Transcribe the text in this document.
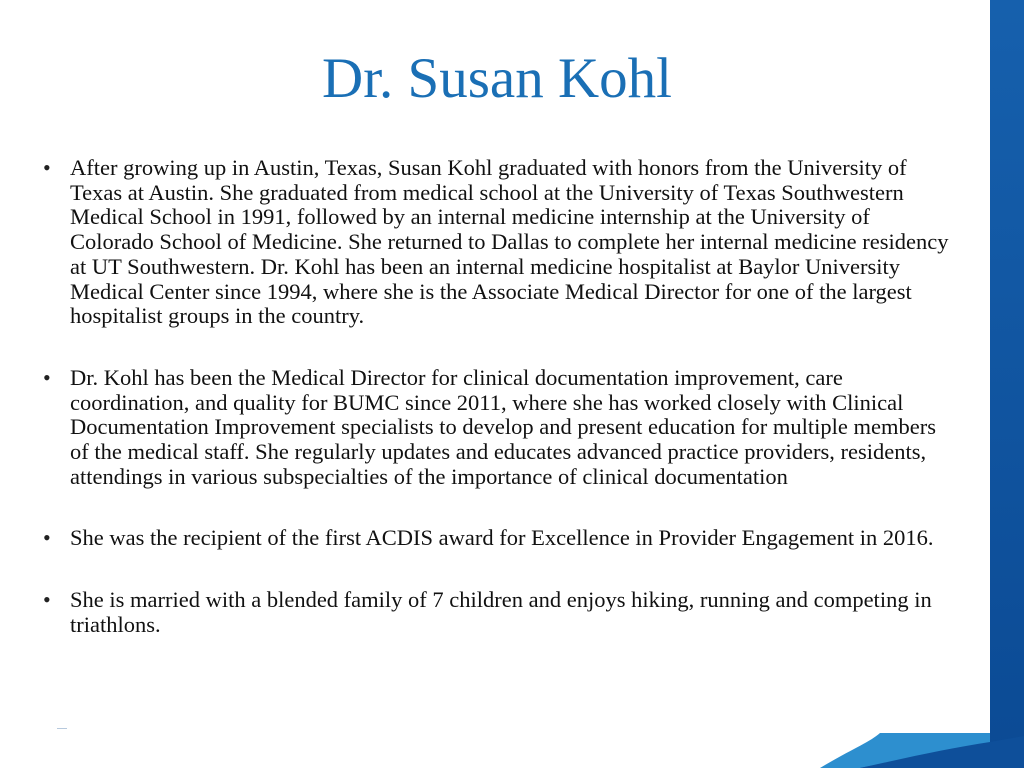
Dr. Susan Kohl
• After growing up in Austin, Texas, Susan Kohl graduated with honors from the University of Texas at Austin. She graduated from medical school at the University of Texas Southwestern Medical School in 1991, followed by an internal medicine internship at the University of Colorado School of Medicine. She returned to Dallas to complete her internal medicine residency at UT Southwestern. Dr. Kohl has been an internal medicine hospitalist at Baylor University Medical Center since 1994, where she is the Associate Medical Director for one of the largest hospitalist groups in the country.
• Dr. Kohl has been the Medical Director for clinical documentation improvement, care coordination, and quality for BUMC since 2011, where she has worked closely with Clinical Documentation Improvement specialists to develop and present education for multiple members of the medical staff. She regularly updates and educates advanced practice providers, residents, attendings in various subspecialties of the importance of clinical documentation
• She was the recipient of the first ACDIS award for Excellence in Provider Engagement in 2016.
• She is married with a blended family of 7 children and enjoys hiking, running and competing in triathlons.
